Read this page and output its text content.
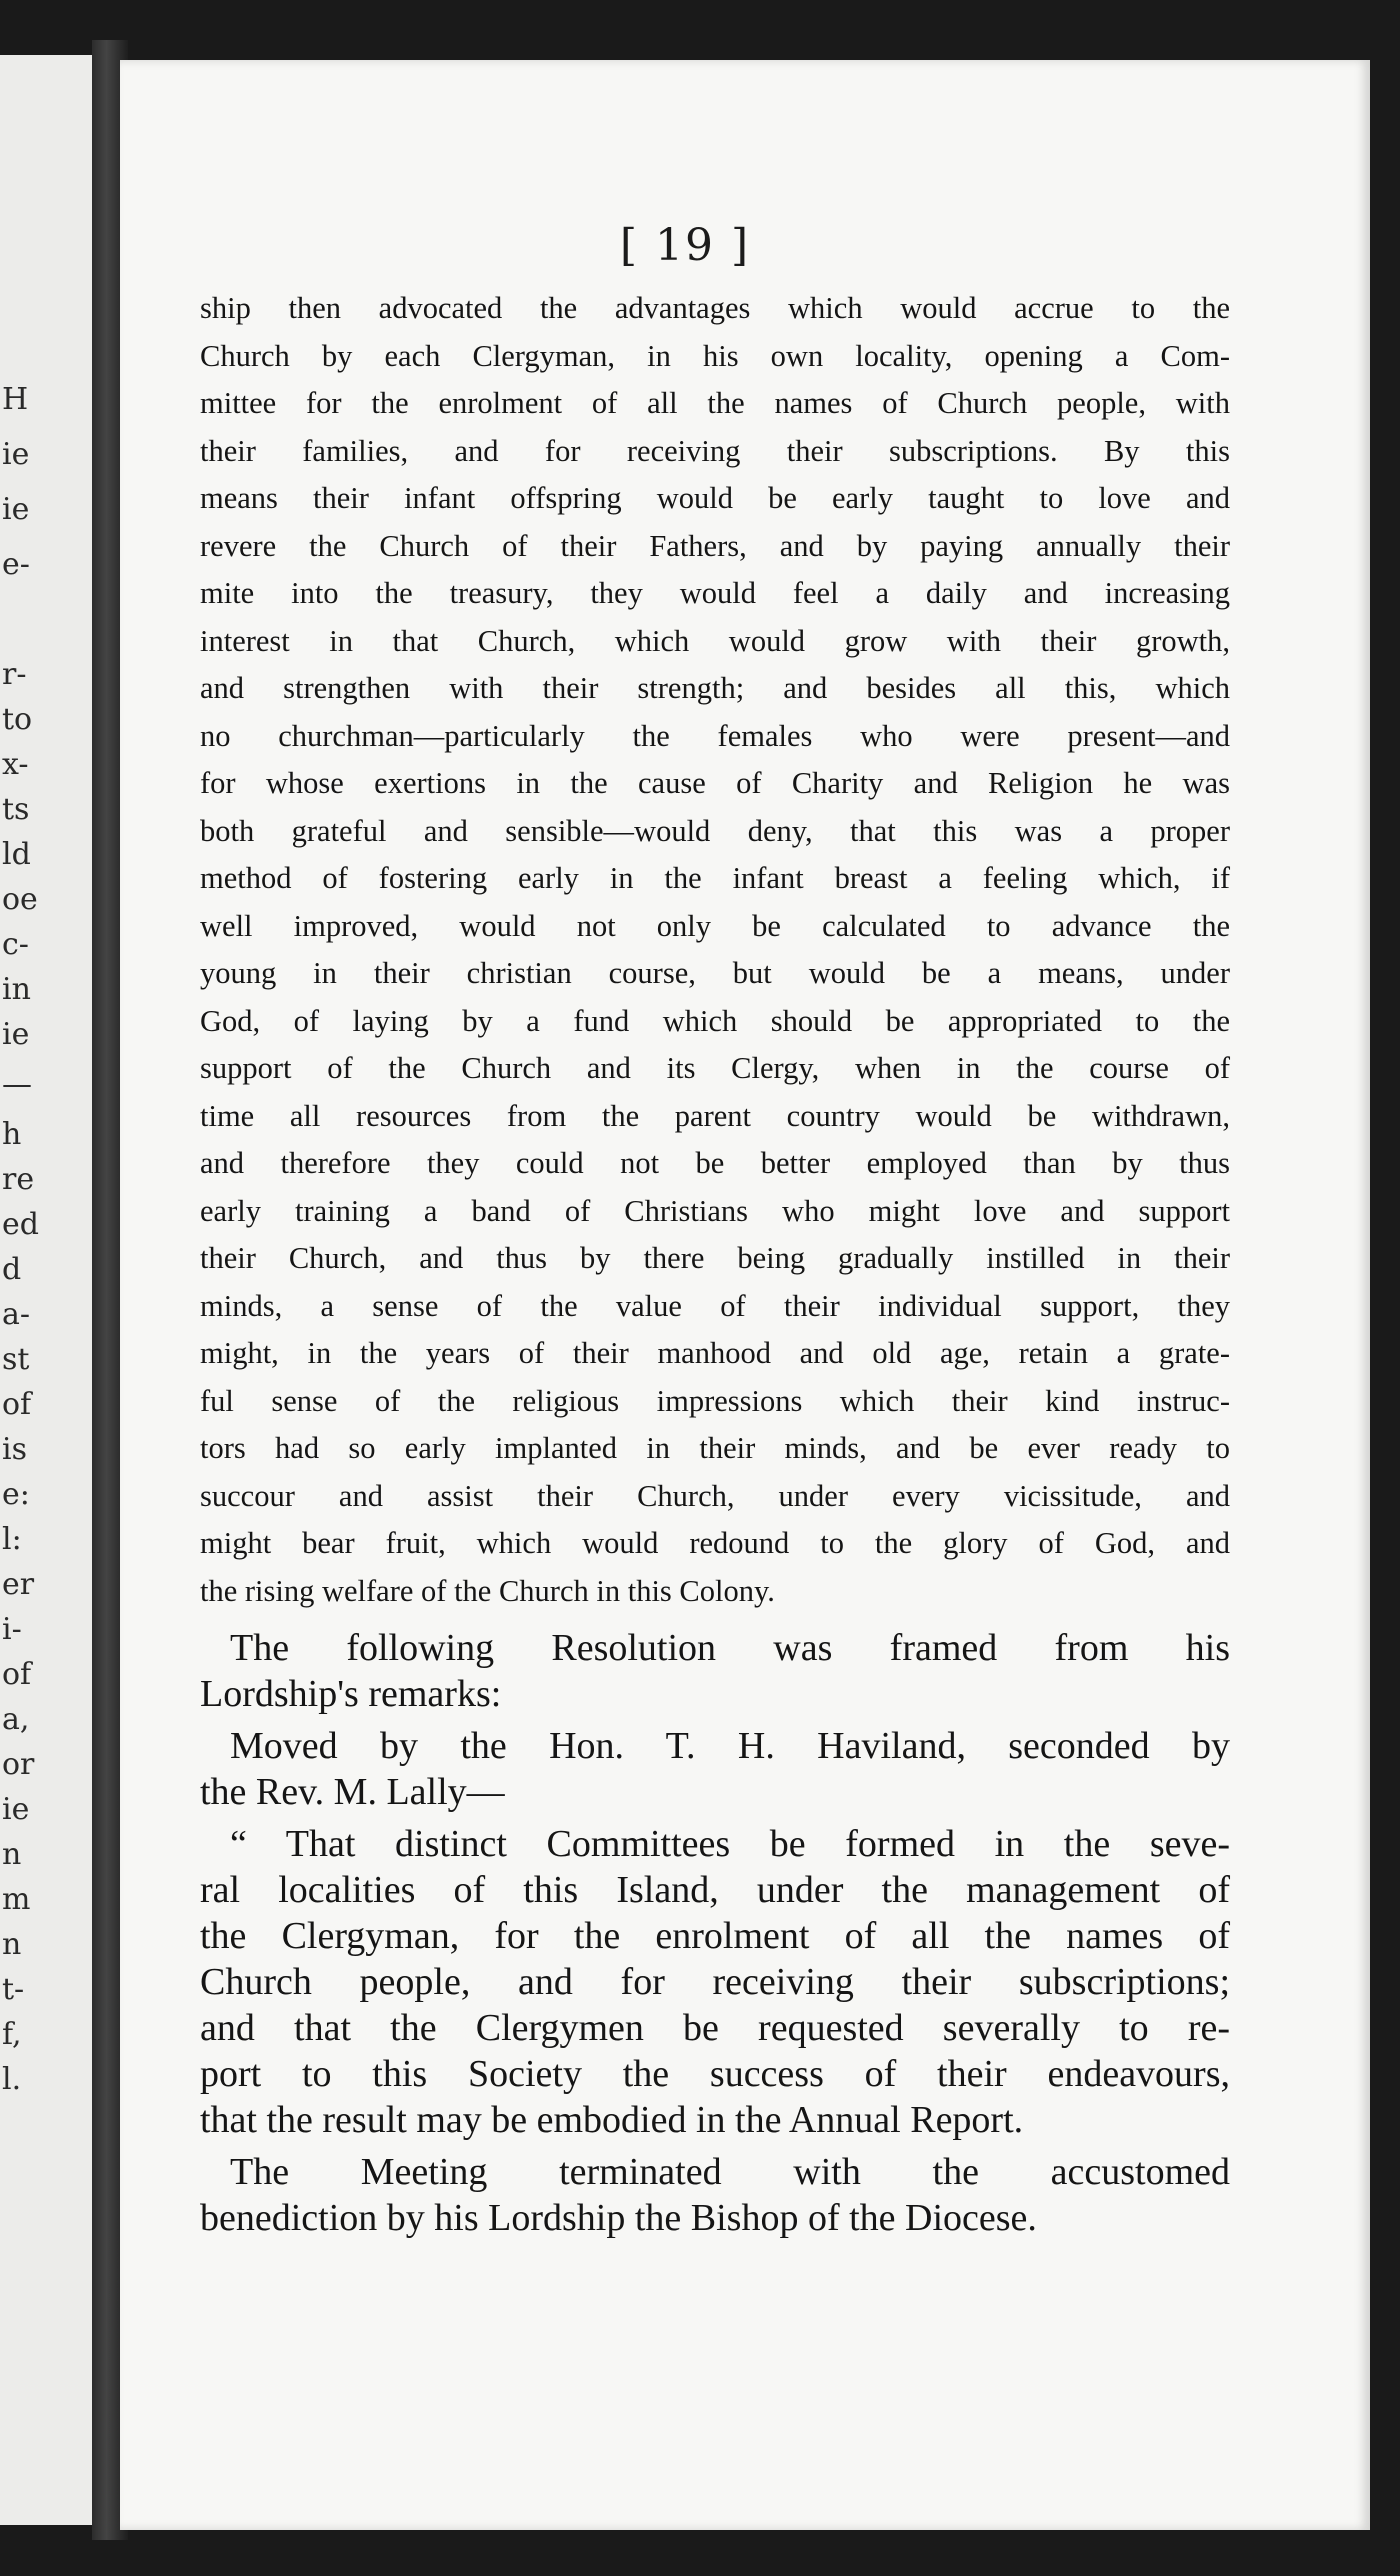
H
ie
ie
e-
r-
to
x-
ts
ld
oe
c-
in
ie
—
h
re
ed
d
a-
st
of
is
e:
l:
er
i-
of
a,
or
ie
n
m
n
t-
f,
l.
[ 19 ]
ship then advocated the advantages which would accrue to the
Church by each Clergyman, in his own locality, opening a Com-
mittee for the enrolment of all the names of Church people, with
their families, and for receiving their subscriptions. By this
means their infant offspring would be early taught to love and
revere the Church of their Fathers, and by paying annually their
mite into the treasury, they would feel a daily and increasing
interest in that Church, which would grow with their growth,
and strengthen with their strength; and besides all this, which
no churchman—particularly the females who were present—and
for whose exertions in the cause of Charity and Religion he was
both grateful and sensible—would deny, that this was a proper
method of fostering early in the infant breast a feeling which, if
well improved, would not only be calculated to advance the
young in their christian course, but would be a means, under
God, of laying by a fund which should be appropriated to the
support of the Church and its Clergy, when in the course of
time all resources from the parent country would be withdrawn,
and therefore they could not be better employed than by thus
early training a band of Christians who might love and support
their Church, and thus by there being gradually instilled in their
minds, a sense of the value of their individual support, they
might, in the years of their manhood and old age, retain a grate-
ful sense of the religious impressions which their kind instruc-
tors had so early implanted in their minds, and be ever ready to
succour and assist their Church, under every vicissitude, and
might bear fruit, which would redound to the glory of God, and
the rising welfare of the Church in this Colony.
The following Resolution was framed from his
Lordship's remarks:
Moved by the Hon. T. H. Haviland, seconded by
the Rev. M. Lally—
“ That distinct Committees be formed in the seve-
ral localities of this Island, under the management of
the Clergyman, for the enrolment of all the names of
Church people, and for receiving their subscriptions;
and that the Clergymen be requested severally to re-
port to this Society the success of their endeavours,
that the result may be embodied in the Annual Report.
The Meeting terminated with the accustomed
benediction by his Lordship the Bishop of the Diocese.
